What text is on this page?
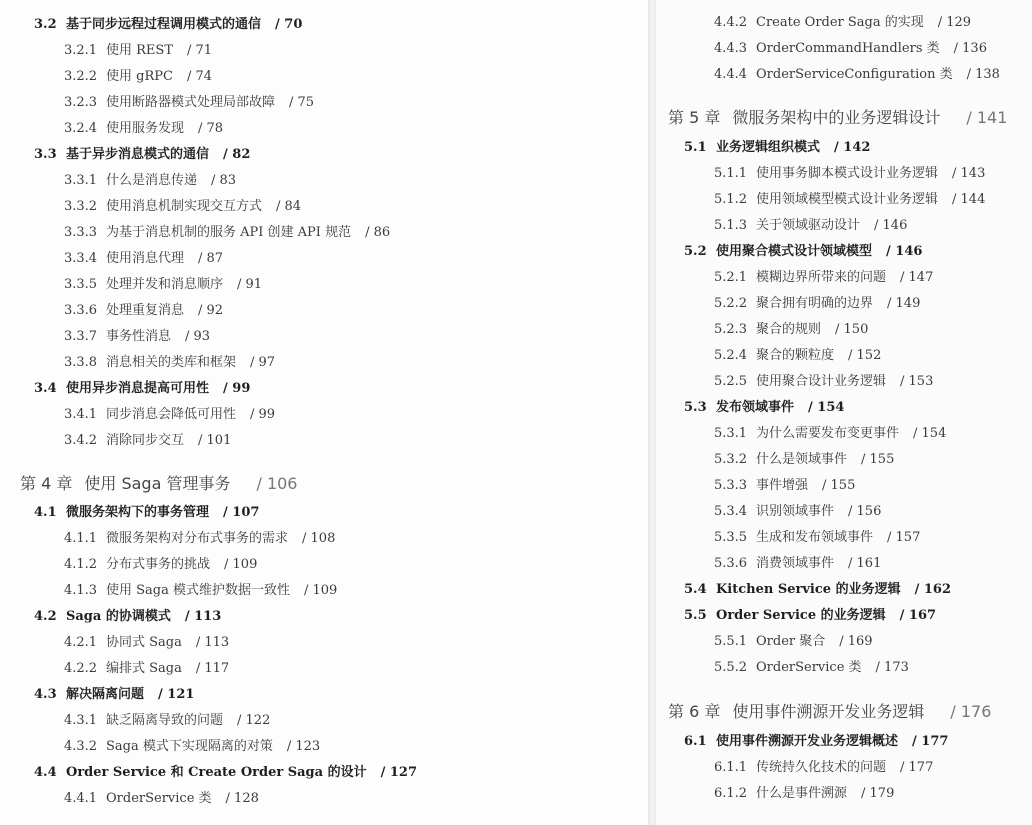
3.2 基于同步远程过程调用模式的通信 / 70
3.2.1 使用 REST / 71
3.2.2 使用 gRPC / 74
3.2.3 使用断路器模式处理局部故障 / 75
3.2.4 使用服务发现 / 78
3.3 基于异步消息模式的通信 / 82
3.3.1 什么是消息传递 / 83
3.3.2 使用消息机制实现交互方式 / 84
3.3.3 为基于消息机制的服务 API 创建 API 规范 / 86
3.3.4 使用消息代理 / 87
3.3.5 处理并发和消息顺序 / 91
3.3.6 处理重复消息 / 92
3.3.7 事务性消息 / 93
3.3.8 消息相关的类库和框架 / 97
3.4 使用异步消息提高可用性 / 99
3.4.1 同步消息会降低可用性 / 99
3.4.2 消除同步交互 / 101
第 4 章 使用 Saga 管理事务 / 106
4.1 微服务架构下的事务管理 / 107
4.1.1 微服务架构对分布式事务的需求 / 108
4.1.2 分布式事务的挑战 / 109
4.1.3 使用 Saga 模式维护数据一致性 / 109
4.2 Saga 的协调模式 / 113
4.2.1 协同式 Saga / 113
4.2.2 编排式 Saga / 117
4.3 解决隔离问题 / 121
4.3.1 缺乏隔离导致的问题 / 122
4.3.2 Saga 模式下实现隔离的对策 / 123
4.4 Order Service 和 Create Order Saga 的设计 / 127
4.4.1 OrderService 类 / 128
4.4.2 Create Order Saga 的实现 / 129
4.4.3 OrderCommandHandlers 类 / 136
4.4.4 OrderServiceConfiguration 类 / 138
第 5 章 微服务架构中的业务逻辑设计 / 141
5.1 业务逻辑组织模式 / 142
5.1.1 使用事务脚本模式设计业务逻辑 / 143
5.1.2 使用领域模型模式设计业务逻辑 / 144
5.1.3 关于领域驱动设计 / 146
5.2 使用聚合模式设计领域模型 / 146
5.2.1 模糊边界所带来的问题 / 147
5.2.2 聚合拥有明确的边界 / 149
5.2.3 聚合的规则 / 150
5.2.4 聚合的颗粒度 / 152
5.2.5 使用聚合设计业务逻辑 / 153
5.3 发布领域事件 / 154
5.3.1 为什么需要发布变更事件 / 154
5.3.2 什么是领域事件 / 155
5.3.3 事件增强 / 155
5.3.4 识别领域事件 / 156
5.3.5 生成和发布领域事件 / 157
5.3.6 消费领域事件 / 161
5.4 Kitchen Service 的业务逻辑 / 162
5.5 Order Service 的业务逻辑 / 167
5.5.1 Order 聚合 / 169
5.5.2 OrderService 类 / 173
第 6 章 使用事件溯源开发业务逻辑 / 176
6.1 使用事件溯源开发业务逻辑概述 / 177
6.1.1 传统持久化技术的问题 / 177
6.1.2 什么是事件溯源 / 179
